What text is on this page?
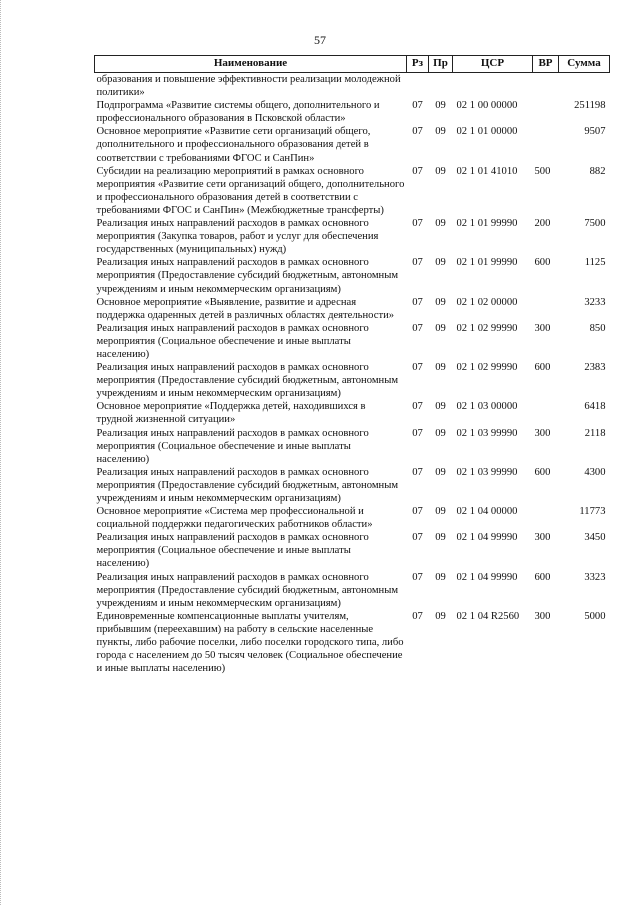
57
Наименование	Рз	Пр	ЦСР	ВР	Сумма
образования и повышение эффективности реализации молодежной политики»					
Подпрограмма «Развитие системы общего, дополнительного и профессионального образования в Псковской области»	07	09	02 1 00 00000		251198
Основное мероприятие «Развитие сети организаций общего, дополнительного и профессионального образования детей в соответствии с требованиями ФГОС и СанПин»	07	09	02 1 01 00000		9507
Субсидии на реализацию мероприятий в рамках основного мероприятия «Развитие сети организаций общего, дополнительного и профессионального образования детей в соответствии с требованиями ФГОС и СанПин» (Межбюджетные трансферты)	07	09	02 1 01 41010	500	882
Реализация иных направлений расходов в рамках основного мероприятия (Закупка товаров, работ и услуг для обеспечения государственных (муниципальных) нужд)	07	09	02 1 01 99990	200	7500
Реализация иных направлений расходов в рамках основного мероприятия (Предоставление субсидий бюджетным, автономным учреждениям и иным некоммерческим организациям)	07	09	02 1 01 99990	600	1125
Основное мероприятие «Выявление, развитие и адресная поддержка одаренных детей в различных областях деятельности»	07	09	02 1 02 00000		3233
Реализация иных направлений расходов в рамках основного мероприятия (Социальное обеспечение и иные выплаты населению)	07	09	02 1 02 99990	300	850
Реализация иных направлений расходов в рамках основного мероприятия (Предоставление субсидий бюджетным, автономным учреждениям и иным некоммерческим организациям)	07	09	02 1 02 99990	600	2383
Основное мероприятие «Поддержка детей, находившихся в трудной жизненной ситуации»	07	09	02 1 03 00000		6418
Реализация иных направлений расходов в рамках основного мероприятия (Социальное обеспечение и иные выплаты населению)	07	09	02 1 03 99990	300	2118
Реализация иных направлений расходов в рамках основного мероприятия (Предоставление субсидий бюджетным, автономным учреждениям и иным некоммерческим организациям)	07	09	02 1 03 99990	600	4300
Основное мероприятие «Система мер профессиональной и социальной поддержки педагогических работников области»	07	09	02 1 04 00000		11773
Реализация иных направлений расходов в рамках основного мероприятия (Социальное обеспечение и иные выплаты населению)	07	09	02 1 04 99990	300	3450
Реализация иных направлений расходов в рамках основного мероприятия (Предоставление субсидий бюджетным, автономным учреждениям и иным некоммерческим организациям)	07	09	02 1 04 99990	600	3323
Единовременные компенсационные выплаты учителям, прибывшим (переехавшим) на работу в сельские населенные пункты, либо рабочие поселки, либо поселки городского типа, либо города с населением до 50 тысяч человек (Социальное обеспечение и иные выплаты населению)	07	09	02 1 04 R2560	300	5000
